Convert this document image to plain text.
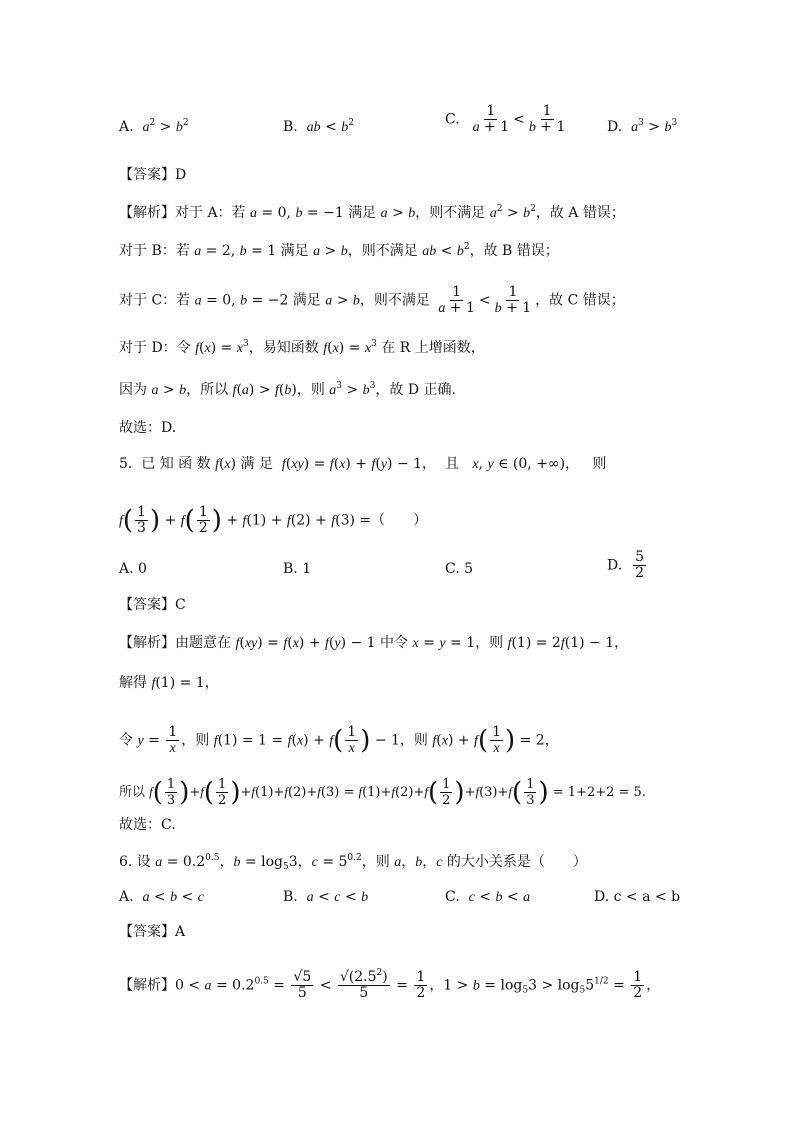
A.  $a^2 > b^2$	B.  ab < $b^2$	C. $\frac{1}{a + 1} < \frac{1}{b + 1}$	D.  $a^3 > b^3$
【答案】D
【解析】对于 A：若 a = 0, b = −1 满足 a > b，则不满足 $a^2 > b^2$，故 A 错误；
对于 B：若 a = 2, b = 1 满足 a > b，则不满足 ab < $b^2$，故 B 错误；
对于 C：若 a = 0, b = −2 满足 a > b，则不满足 $\frac{1}{a + 1} < \frac{1}{b + 1}$ ，故 C 错误；
对于 D：令 $f(x) = x^3$，易知函数 $f(x) = x^3$ 在 R 上增函数，
因为 a > b，所以 f(a) > f(b)，则 $a^3 > b^3$，故 D 正确.
故选：D.
5.  已 知 函 数 f(x) 满 足  f(xy) = f(x) + f(y) − 1，  且   x, y ∈ (0, +∞)，   则
$f( \frac{1}{3}$ ) + $f( \frac{1}{2}$ ) + f(1) + f(2) + f(3) =（　　）
A. 0	B. 1	C. 5	D. $\frac{5}{2}$
【答案】C
【解析】由题意在 f(xy) = f(x) + f(y) − 1 中令 x = y = 1，则 f(1) = 2f(1) − 1，
解得 f(1) = 1，
令 $y = \frac{1}{x}$ ，则 $f(1) = 1 = f(x) + f( \frac{1}{x}$ ) − 1，则 $f(x) + f( \frac{1}{x}$ ) = 2，
所以 $f( \frac{1}{3} )+f( \frac{1}{2} )+f(1)+f(2)+f(3) = f(1)+f(2)+f( \frac{1}{2} )+f(3)+f( \frac{1}{3}$ ) = 1+2+2 = 5.
故选：C.
6. 设 $a = 0.2^{0.5}$，$b = \log_53$，$c = 5^{0.2}$，则 a，b，c 的大小关系是（　　）
A.  a < b < c	B.  a < c < b	C.  c < b < a	D. c < a < b
【答案】A
【解析】$0 < a = 0.2^{0.5} = \frac{√5}{5} < \frac{√(2.5^2)}{5} = \frac{1}{2}$ ，$1 > b = \log_53 > \log_55^{1/2} = \frac{1}{2}$ ，
